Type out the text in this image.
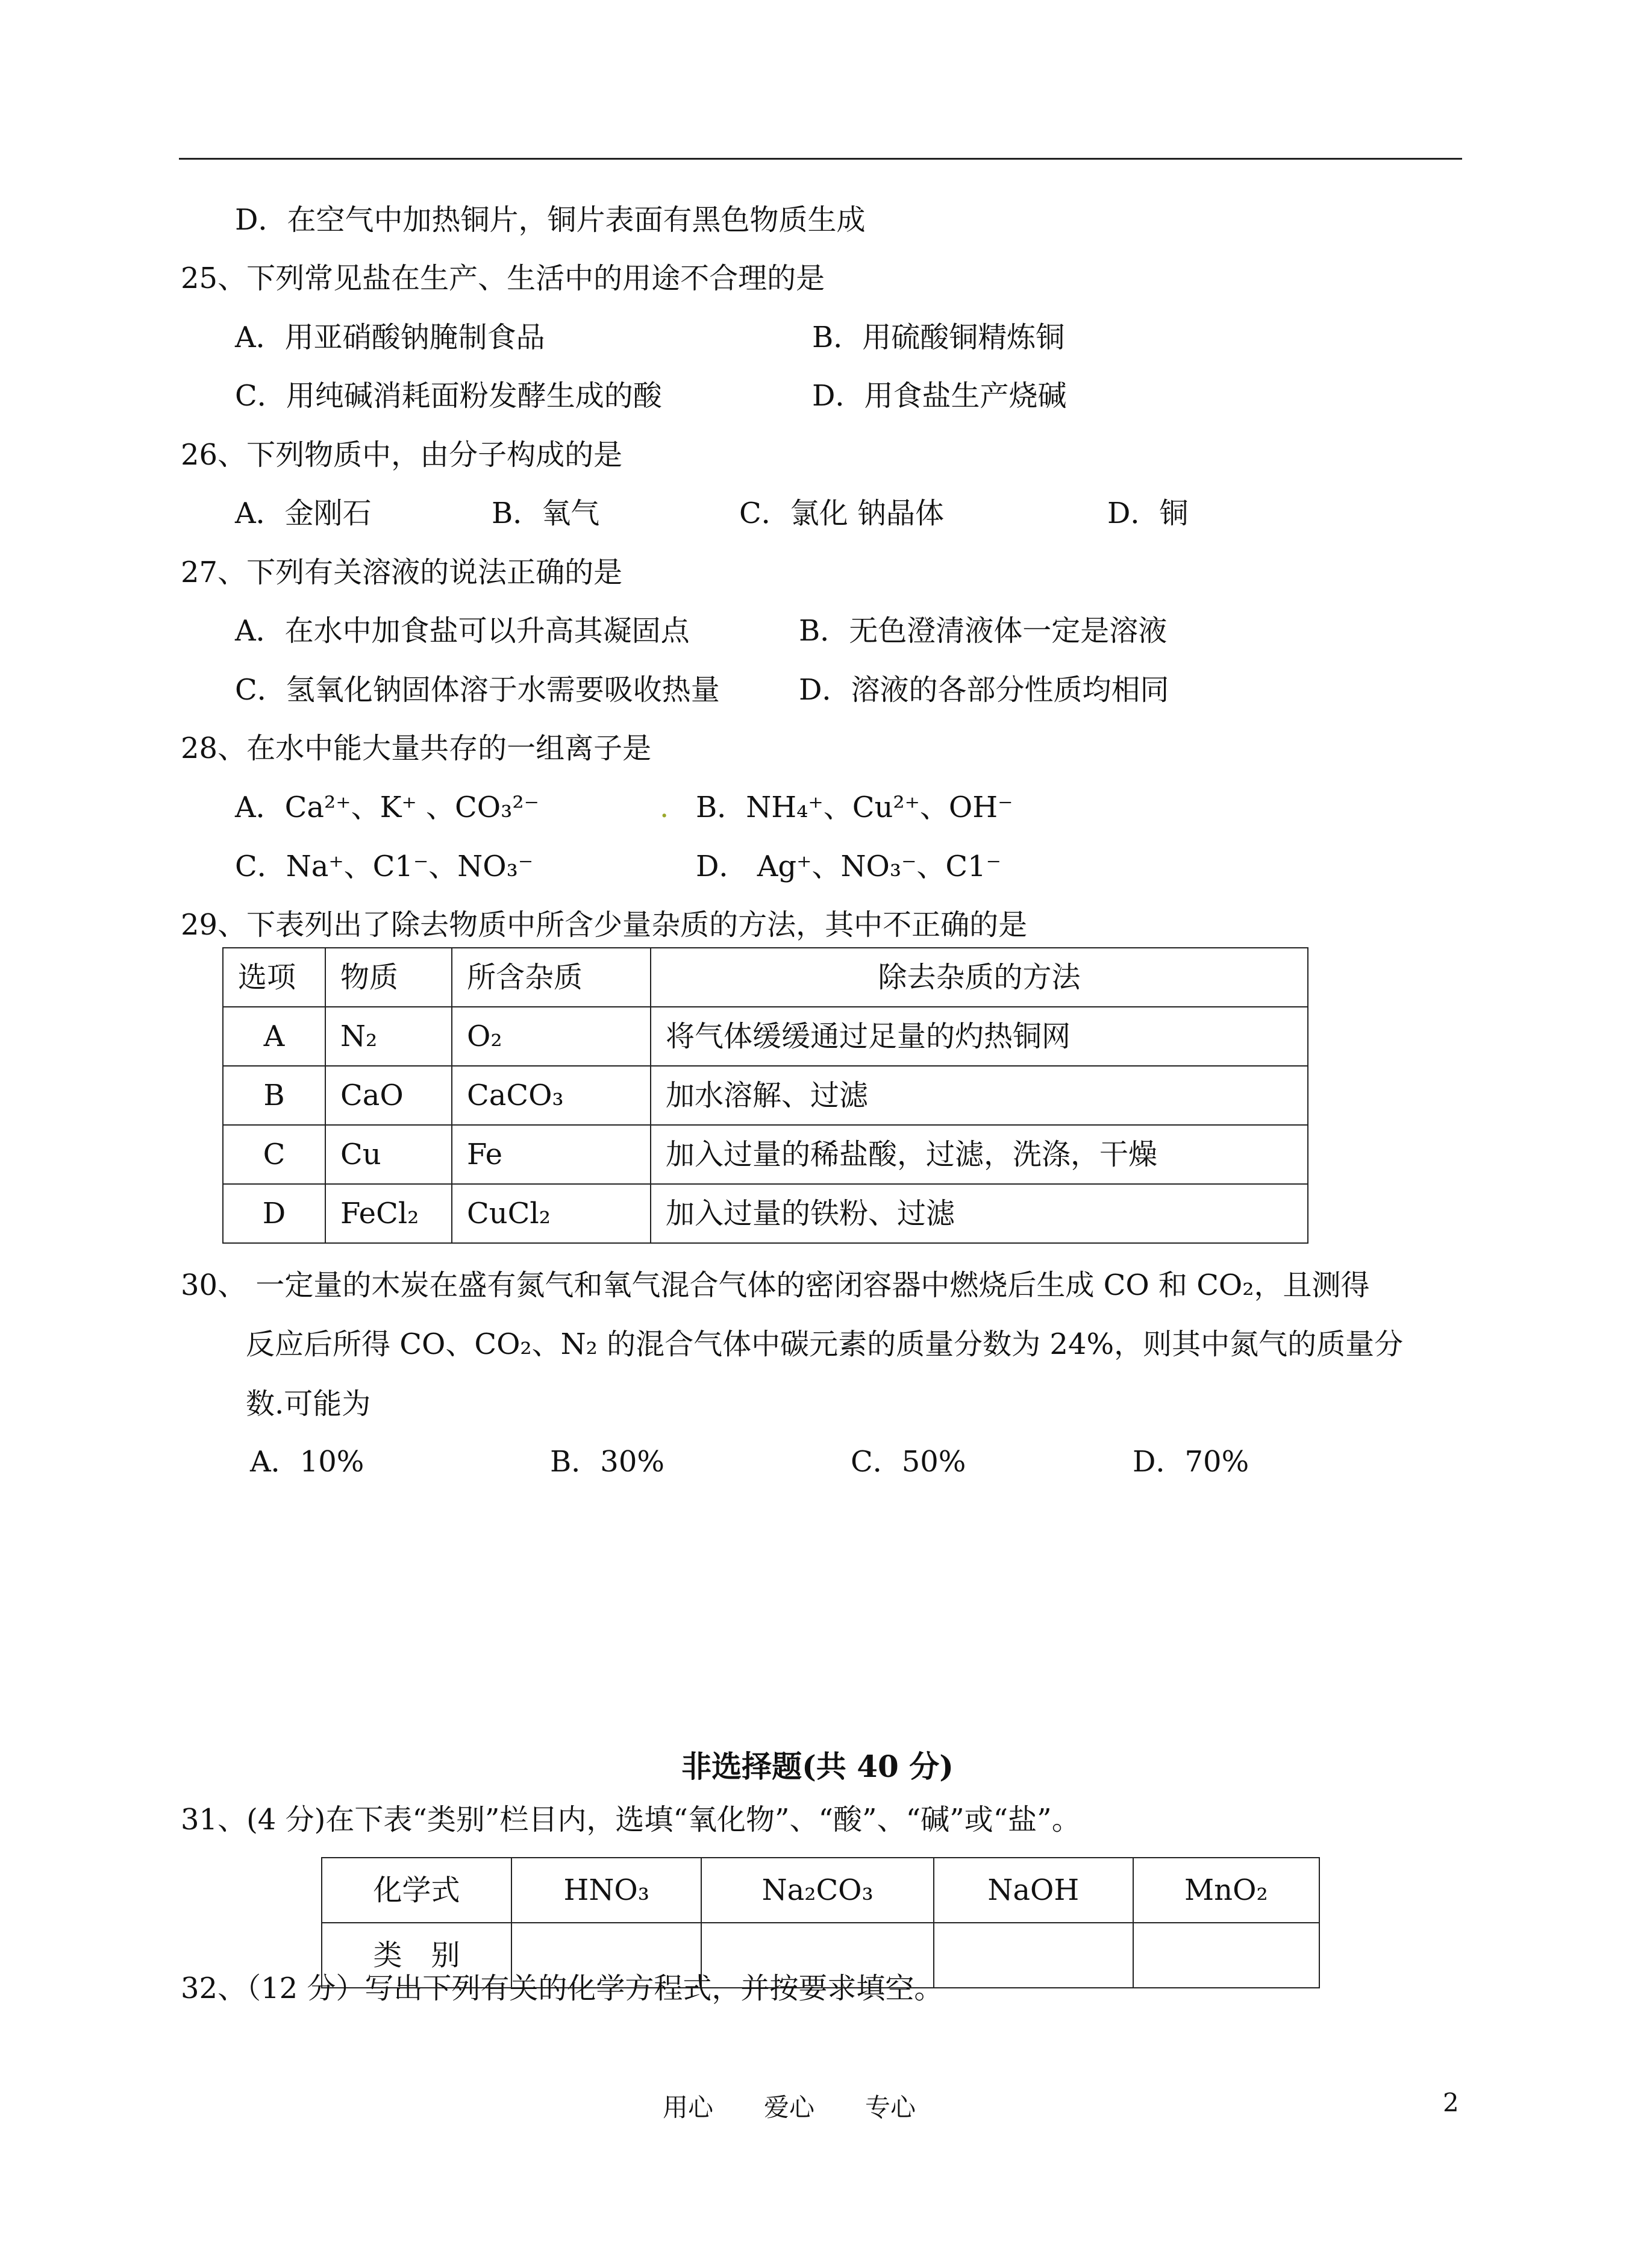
D．在空气中加热铜片，铜片表面有黑色物质生成
25、下列常见盐在生产、生活中的用途不合理的是
A．用亚硝酸钠腌制食品	B．用硫酸铜精炼铜
C．用纯碱消耗面粉发酵生成的酸	D．用食盐生产烧碱
26、下列物质中，由分子构成的是
A．金刚石	B．氧气	C．氯化 钠晶体	D．铜
27、下列有关溶液的说法正确的是
A．在水中加食盐可以升高其凝固点	B．无色澄清液体一定是溶液
C．氢氧化钠固体溶于水需要吸收热量	D．溶液的各部分性质均相同
28、在水中能大量共存的一组离子是
A．Ca²⁺、K⁺ 、CO₃²⁻	. B．NH₄⁺、Cu²⁺、OH⁻
C．Na⁺、C1⁻、NO₃⁻	D． Ag⁺、NO₃⁻、C1⁻
29、下表列出了除去物质中所含少量杂质的方法，其中不正确的是
选项	物质	所含杂质	除去杂质的方法
A	N₂	O₂	将气体缓缓通过足量的灼热铜网
B	CaO	CaCO₃	加水溶解、过滤
C	Cu	Fe	加入过量的稀盐酸，过滤，洗涤，干燥
D	FeCl₂	CuCl₂	加入过量的铁粉、过滤
30、 一定量的木炭在盛有氮气和氧气混合气体的密闭容器中燃烧后生成 CO 和 CO₂，且测得
反应后所得 CO、CO₂、N₂ 的混合气体中碳元素的质量分数为 24%，则其中氮气的质量分
数.可能为
A．10%	B．30%	C．50%	D．70%
非选择题(共 40 分)
31、(4 分)在下表“类别”栏目内，选填“氧化物”、“酸”、“碱”或“盐”。
化学式	HNO₃	Na₂CO₃	NaOH	MnO₂
类　别				
32、（12 分）写出下列有关的化学方程式，并按要求填空。
用心　　爱心　　专心	2
